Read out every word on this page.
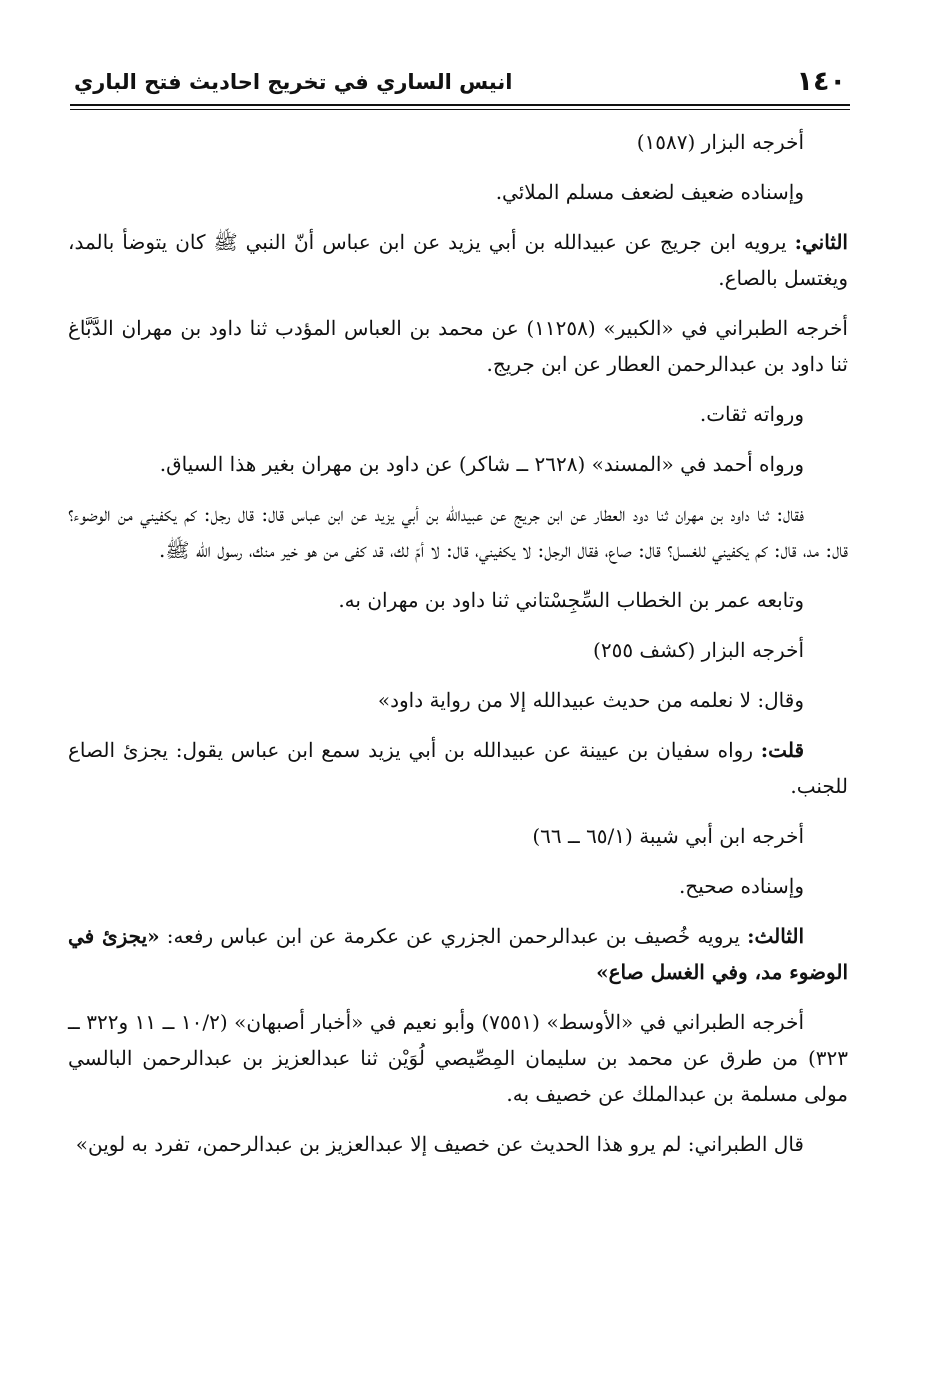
١٤٠
انيس الساري في تخريج احاديث فتح الباري

أخرجه البزار (١٥٨٧)

وإسناده ضعيف لضعف مسلم الملائي.

الثاني: يرويه ابن جريج عن عبيدالله بن أبي يزيد عن ابن عباس أنّ النبي ﷺ كان يتوضأ بالمد، ويغتسل بالصاع.

أخرجه الطبراني في «الكبير» (١١٢٥٨) عن محمد بن العباس المؤدب ثنا داود بن مهران الدَّبَّاغ ثنا داود بن عبدالرحمن العطار عن ابن جريج.

ورواته ثقات.

ورواه أحمد في «المسند» (٢٦٢٨ ــ شاكر) عن داود بن مهران بغير هذا السياق.

فقال: ثنا داود بن مهران ثنا دود العطار عن ابن جريج عن عبيدالله بن أبي يزيد عن ابن عباس قال: قال رجل: كم يكفيني من الوضوء؟ قال: مد، قال: كم يكفيني للغسل؟ قال: صاع، فقال الرجل: لا يكفيني، قال: لا أمّ لك، قد كفى من هو خير منك، رسول الله ﷺ.

وتابعه عمر بن الخطاب السِّجِسْتاني ثنا داود بن مهران به.

أخرجه البزار (كشف ٢٥٥)

وقال: لا نعلمه من حديث عبيدالله إلا من رواية داود»

قلت: رواه سفيان بن عيينة عن عبيدالله بن أبي يزيد سمع ابن عباس يقول: يجزئ الصاع للجنب.

أخرجه ابن أبي شيبة (٦٥/١ ــ ٦٦)

وإسناده صحيح.

الثالث: يرويه خُصيف بن عبدالرحمن الجزري عن عكرمة عن ابن عباس رفعه: «يجزئ في الوضوء مد، وفي الغسل صاع»

أخرجه الطبراني في «الأوسط» (٧٥٥١) وأبو نعيم في «أخبار أصبهان» (١٠/٢ ــ ١١ و٣٢٢ ــ ٣٢٣) من طرق عن محمد بن سليمان المِصِّيصي لُوَيْن ثنا عبدالعزيز بن عبدالرحمن البالسي مولى مسلمة بن عبدالملك عن خصيف به.

قال الطبراني: لم يرو هذا الحديث عن خصيف إلا عبدالعزيز بن عبدالرحمن، تفرد به لوين»
